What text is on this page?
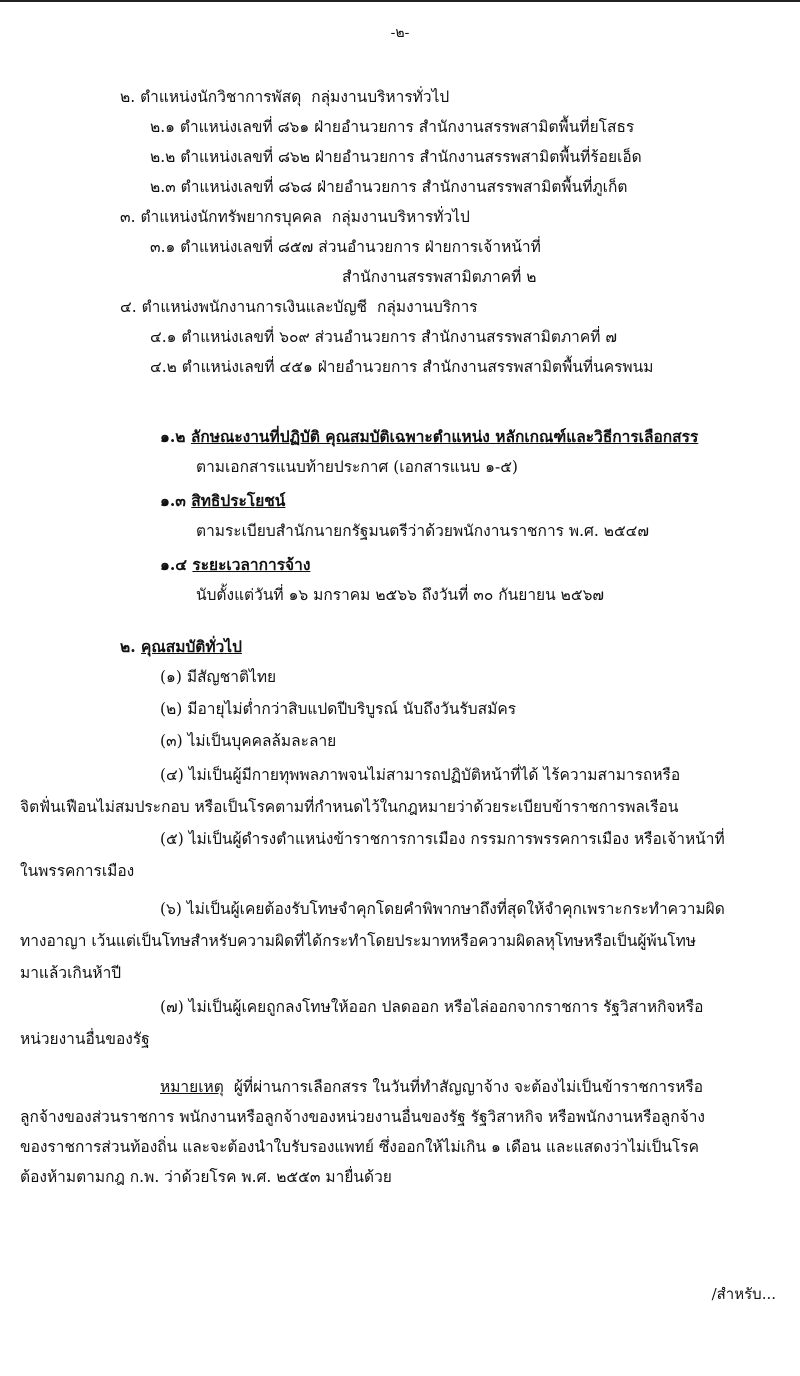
-๒-
๒. ตำแหน่งนักวิชาการพัสดุ กลุ่มงานบริหารทั่วไป
๒.๑ ตำแหน่งเลขที่ ๘๖๑ ฝ่ายอำนวยการ สำนักงานสรรพสามิตพื้นที่ยโสธร
๒.๒ ตำแหน่งเลขที่ ๘๖๒ ฝ่ายอำนวยการ สำนักงานสรรพสามิตพื้นที่ร้อยเอ็ด
๒.๓ ตำแหน่งเลขที่ ๘๖๘ ฝ่ายอำนวยการ สำนักงานสรรพสามิตพื้นที่ภูเก็ต
๓. ตำแหน่งนักทรัพยากรบุคคล กลุ่มงานบริหารทั่วไป
๓.๑ ตำแหน่งเลขที่ ๘๕๗ ส่วนอำนวยการ ฝ่ายการเจ้าหน้าที่
สำนักงานสรรพสามิตภาคที่ ๒
๔. ตำแหน่งพนักงานการเงินและบัญชี กลุ่มงานบริการ
๔.๑ ตำแหน่งเลขที่ ๖๐๙ ส่วนอำนวยการ สำนักงานสรรพสามิตภาคที่ ๗
๔.๒ ตำแหน่งเลขที่ ๔๕๑ ฝ่ายอำนวยการ สำนักงานสรรพสามิตพื้นที่นครพนม
๑.๒ ลักษณะงานที่ปฏิบัติ คุณสมบัติเฉพาะตำแหน่ง หลักเกณฑ์และวิธีการเลือกสรร
ตามเอกสารแนบท้ายประกาศ (เอกสารแนบ ๑-๕)
๑.๓ สิทธิประโยชน์
ตามระเบียบสำนักนายกรัฐมนตรีว่าด้วยพนักงานราชการ พ.ศ. ๒๕๔๗
๑.๔ ระยะเวลาการจ้าง
นับตั้งแต่วันที่ ๑๖ มกราคม ๒๕๖๖ ถึงวันที่ ๓๐ กันยายน ๒๕๖๗
๒. คุณสมบัติทั่วไป
(๑) มีสัญชาติไทย
(๒) มีอายุไม่ต่ำกว่าสิบแปดปีบริบูรณ์ นับถึงวันรับสมัคร
(๓) ไม่เป็นบุคคลล้มละลาย
(๔) ไม่เป็นผู้มีกายทุพพลภาพจนไม่สามารถปฏิบัติหน้าที่ได้ ไร้ความสามารถหรือ
จิตฟั่นเฟือนไม่สมประกอบ หรือเป็นโรคตามที่กำหนดไว้ในกฎหมายว่าด้วยระเบียบข้าราชการพลเรือน
(๕) ไม่เป็นผู้ดำรงตำแหน่งข้าราชการการเมือง กรรมการพรรคการเมือง หรือเจ้าหน้าที่
ในพรรคการเมือง
(๖) ไม่เป็นผู้เคยต้องรับโทษจำคุกโดยคำพิพากษาถึงที่สุดให้จำคุกเพราะกระทำความผิด
ทางอาญา เว้นแต่เป็นโทษสำหรับความผิดที่ได้กระทำโดยประมาทหรือความผิดลหุโทษหรือเป็นผู้พ้นโทษ
มาแล้วเกินห้าปี
(๗) ไม่เป็นผู้เคยถูกลงโทษให้ออก ปลดออก หรือไล่ออกจากราชการ รัฐวิสาหกิจหรือ
หน่วยงานอื่นของรัฐ
หมายเหตุ ผู้ที่ผ่านการเลือกสรร ในวันที่ทำสัญญาจ้าง จะต้องไม่เป็นข้าราชการหรือ
ลูกจ้างของส่วนราชการ พนักงานหรือลูกจ้างของหน่วยงานอื่นของรัฐ รัฐวิสาหกิจ หรือพนักงานหรือลูกจ้าง
ของราชการส่วนท้องถิ่น และจะต้องนำใบรับรองแพทย์ ซึ่งออกให้ไม่เกิน ๑ เดือน และแสดงว่าไม่เป็นโรค
ต้องห้ามตามกฎ ก.พ. ว่าด้วยโรค พ.ศ. ๒๕๕๓ มายื่นด้วย
/สำหรับ...
